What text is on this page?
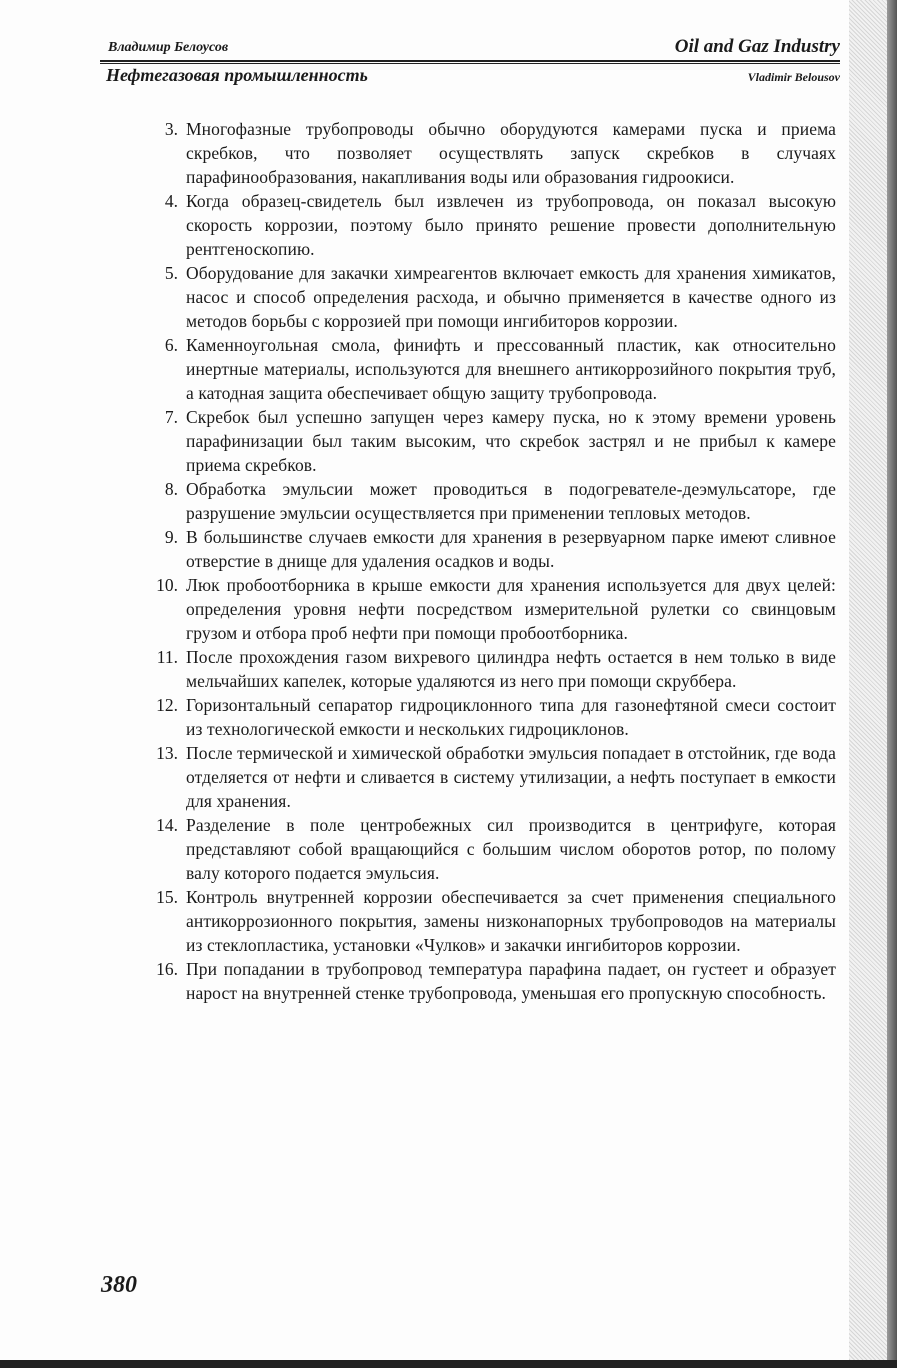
Владимир Белоусов	Oil and Gaz Industry
Нефтегазовая промышленность	Vladimir Belousov
3. Многофазные трубопроводы обычно оборудуются камерами пуска и приема скребков, что позволяет осуществлять запуск скребков в случаях парафинообразования, накапливания воды или образования гидроокиси.
4. Когда образец-свидетель был извлечен из трубопровода, он показал высокую скорость коррозии, поэтому было принято решение провести дополнительную рентгеноскопию.
5. Оборудование для закачки химреагентов включает емкость для хранения химикатов, насос и способ определения расхода, и обычно применяется в качестве одного из методов борьбы с коррозией при помощи ингибиторов коррозии.
6. Каменноугольная смола, финифть и прессованный пластик, как относительно инертные материалы, используются для внешнего антикоррозийного покрытия труб, а катодная защита обеспечивает общую защиту трубопровода.
7. Скребок был успешно запущен через камеру пуска, но к этому времени уровень парафинизации был таким высоким, что скребок застрял и не прибыл к камере приема скребков.
8. Обработка эмульсии может проводиться в подогревателе-деэмульсаторе, где разрушение эмульсии осуществляется при применении тепловых методов.
9. В большинстве случаев емкости для хранения в резервуарном парке имеют сливное отверстие в днище для удаления осадков и воды.
10. Люк пробоотборника в крыше емкости для хранения используется для двух целей: определения уровня нефти посредством измерительной рулетки со свинцовым грузом и отбора проб нефти при помощи пробоотборника.
11. После прохождения газом вихревого цилиндра нефть остается в нем только в виде мельчайших капелек, которые удаляются из него при помощи скруббера.
12. Горизонтальный сепаратор гидроциклонного типа для газонефтяной смеси состоит из технологической емкости и нескольких гидроциклонов.
13. После термической и химической обработки эмульсия попадает в отстойник, где вода отделяется от нефти и сливается в систему утилизации, а нефть поступает в емкости для хранения.
14. Разделение в поле центробежных сил производится в центрифуге, которая представляют собой вращающийся с большим числом оборотов ротор, по полому валу которого подается эмульсия.
15. Контроль внутренней коррозии обеспечивается за счет применения специального антикоррозионного покрытия, замены низконапорных трубопроводов на материалы из стеклопластика, установки «Чулков» и закачки ингибиторов коррозии.
16. При попадании в трубопровод температура парафина падает, он густеет и образует нарост на внутренней стенке трубопровода, уменьшая его пропускную способность.
380
